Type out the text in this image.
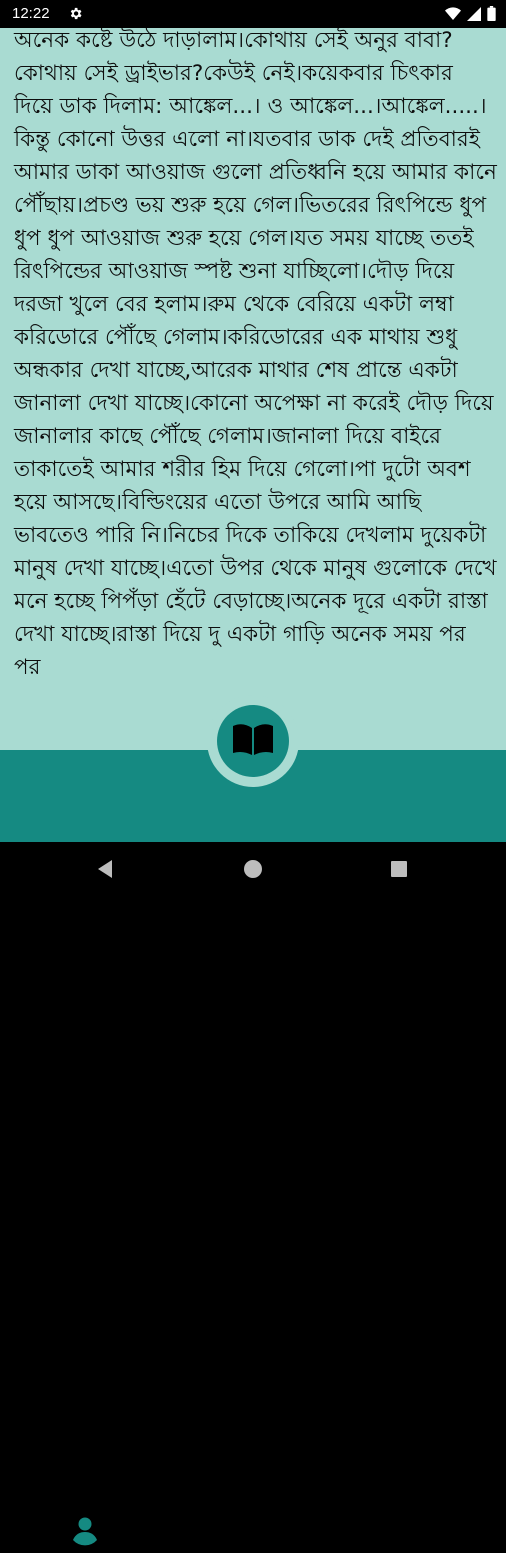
12:22

অনেক কষ্টে উঠে দাড়ালাম।কোথায় সেই অনুর বাবা?কোথায় সেই ড্রাইভার?কেউই নেই।কয়েকবার চিৎকার দিয়ে ডাক দিলাম: আঙ্কেল...। ও আঙ্কেল...।আঙ্কেল.....।কিন্তু কোনো উত্তর এলো না।যতবার ডাক দেই প্রতিবারই আমার ডাকা আওয়াজ গুলো প্রতিধ্বনি হয়ে আমার কানে পৌঁছায়।প্রচণ্ড ভয় শুরু হয়ে গেল।ভিতরের রিৎপিন্ডে ধুপ ধুপ ধুপ আওয়াজ শুরু হয়ে গেল।যত সময় যাচ্ছে ততই রিৎপিন্ডের আওয়াজ স্পষ্ট শুনা যাচ্ছিলো।দৌড় দিয়ে দরজা খুলে বের হলাম।রুম থেকে বেরিয়ে একটা লম্বা করিডোরে পৌঁছে গেলাম।করিডোরের এক মাথায় শুধু অন্ধকার দেখা যাচ্ছে,আরেক মাথার শেষ প্রান্তে একটা জানালা দেখা যাচ্ছে।কোনো অপেক্ষা না করেই দৌড় দিয়ে জানালার কাছে পৌঁছে গেলাম।জানালা দিয়ে বাইরে তাকাতেই আমার শরীর হিম দিয়ে গেলো।পা দুটো অবশ হয়ে আসছে।বিল্ডিংয়ের এতো উপরে আমি আছি ভাবতেও পারি নি।নিচের দিকে তাকিয়ে দেখলাম দুয়েকটা মানুষ দেখা যাচ্ছে।এতো উপর থেকে মানুষ গুলোকে দেখে মনে হচ্ছে পিপঁড়া হেঁটে বেড়াচ্ছে।অনেক দূরে একটা রাস্তা দেখা যাচ্ছে।রাস্তা দিয়ে দু একটা গাড়ি অনেক সময় পর পর
